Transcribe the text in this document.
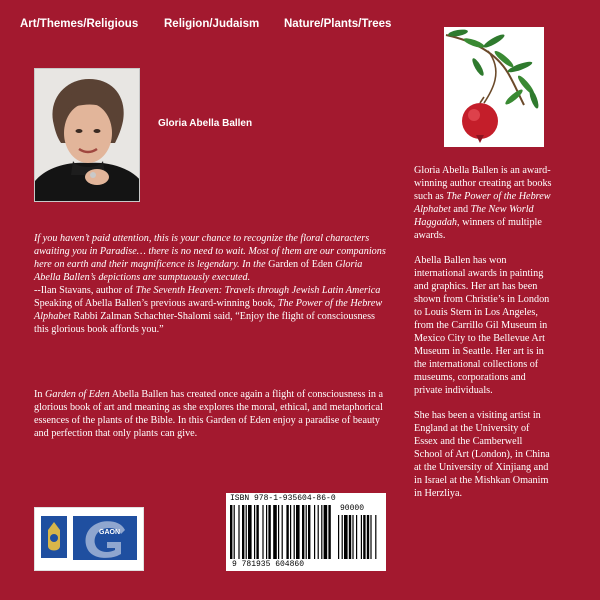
Art/Themes/Religious Religion/Judaism Nature/Plants/Trees
Gloria Abella Ballen
If you haven’t paid attention, this is your chance to recognize the floral characters awaiting you in Paradise… there is no need to wait. Most of them are our companions here on earth and their magnificence is legendary. In the Garden of Eden Gloria Abella Ballen’s depictions are sumptuously executed.
--Ilan Stavans, author of The Seventh Heaven: Travels through Jewish Latin America
Speaking of Abella Ballen’s previous award-winning book, The Power of the Hebrew Alphabet Rabbi Zalman Schachter-Shalomi said, “Enjoy the flight of consciousness this glorious book affords you.”
In Garden of Eden Abella Ballen has created once again a flight of consciousness in a glorious book of art and meaning as she explores the moral, ethical, and metaphorical essences of the plants of the Bible. In this Garden of Eden enjoy a paradise of beauty and perfection that only plants can give.

Gloria Abella Ballen is an award-winning author creating art books such as The Power of the Hebrew Alphabet and The New World Haggadah, winners of multiple awards.

Abella Ballen has won international awards in painting and graphics. Her art has been shown from Christie’s in London to Louis Stern in Los Angeles, from the Carrillo Gil Museum in Mexico City to the Bellevue Art Museum in Seattle. Her art is in the international collections of museums, corporations and private individuals.

She has been a visiting artist in England at the University of Essex and the Camberwell School of Art (London), in China at the University of Xinjiang and in Israel at the Mishkan Omanim in Herzliya.

GAON
ISBN 978-1-935604-86-0
90000
9 781935 604860
